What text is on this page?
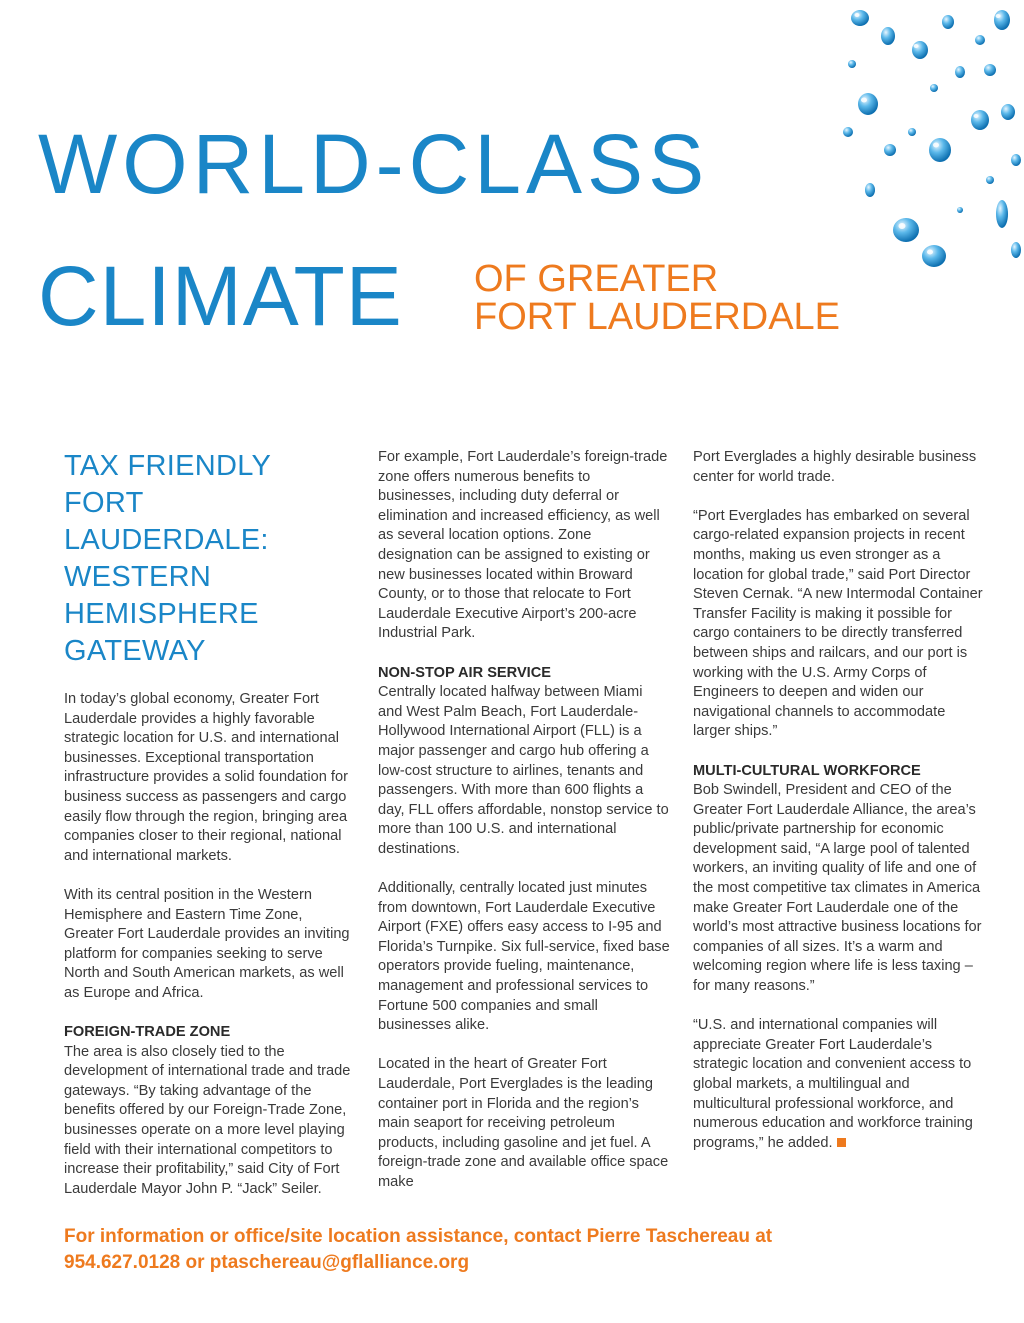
WORLD-CLASS
CLIMATE OF GREATER
FORT LAUDERDALE
TAX FRIENDLY
FORT LAUDERDALE:
WESTERN
HEMISPHERE
GATEWAY

In today’s global economy, Greater Fort Lauderdale provides a highly favorable strategic location for U.S. and international businesses. Exceptional transportation infrastructure provides a solid foundation for business success as passengers and cargo easily flow through the region, bringing area companies closer to their regional, national and international markets.

With its central position in the Western Hemisphere and Eastern Time Zone, Greater Fort Lauderdale provides an inviting platform for companies seeking to serve North and South American markets, as well as Europe and Africa.

FOREIGN-TRADE ZONE

The area is also closely tied to the development of international trade and trade gateways. “By taking advantage of the benefits offered by our Foreign-Trade Zone, businesses operate on a more level playing field with their international competitors to increase their profitability,” said City of Fort Lauderdale Mayor John P. “Jack” Seiler.

For example, Fort Lauderdale’s foreign-trade zone offers numerous benefits to businesses, including duty deferral or elimination and increased efficiency, as well as several location options. Zone designation can be assigned to existing or new businesses located within Broward County, or to those that relocate to Fort Lauderdale Executive Airport’s 200-acre Industrial Park.

NON-STOP AIR SERVICE

Centrally located halfway between Miami and West Palm Beach, Fort Lauderdale-Hollywood International Airport (FLL) is a major passenger and cargo hub offering a low-cost structure to airlines, tenants and passengers. With more than 600 flights a day, FLL offers affordable, nonstop service to more than 100 U.S. and international destinations.

Additionally, centrally located just minutes from downtown, Fort Lauderdale Executive Airport (FXE) offers easy access to I-95 and Florida’s Turnpike. Six full-service, fixed base operators provide fueling, maintenance, management and professional services to Fortune 500 companies and small businesses alike.

Located in the heart of Greater Fort Lauderdale, Port Everglades is the leading container port in Florida and the region’s main seaport for receiving petroleum products, including gasoline and jet fuel. A foreign-trade zone and available office space make

Port Everglades a highly desirable business center for world trade.

“Port Everglades has embarked on several cargo-related expansion projects in recent months, making us even stronger as a location for global trade,” said Port Director Steven Cernak. “A new Intermodal Container Transfer Facility is making it possible for cargo containers to be directly transferred between ships and railcars, and our port is working with the U.S. Army Corps of Engineers to deepen and widen our navigational channels to accommodate larger ships.”

MULTI-CULTURAL WORKFORCE

Bob Swindell, President and CEO of the Greater Fort Lauderdale Alliance, the area’s public/private partnership for economic development said, “A large pool of talented workers, an inviting quality of life and one of the most competitive tax climates in America make Greater Fort Lauderdale one of the world’s most attractive business locations for companies of all sizes. It’s a warm and welcoming region where life is less taxing – for many reasons.”

“U.S. and international companies will appreciate Greater Fort Lauderdale’s strategic location and convenient access to global markets, a multilingual and multicultural professional workforce, and numerous education and workforce training programs,” he added.

For information or office/site location assistance, contact Pierre Taschereau at
954.627.0128 or ptaschereau@gflalliance.org
